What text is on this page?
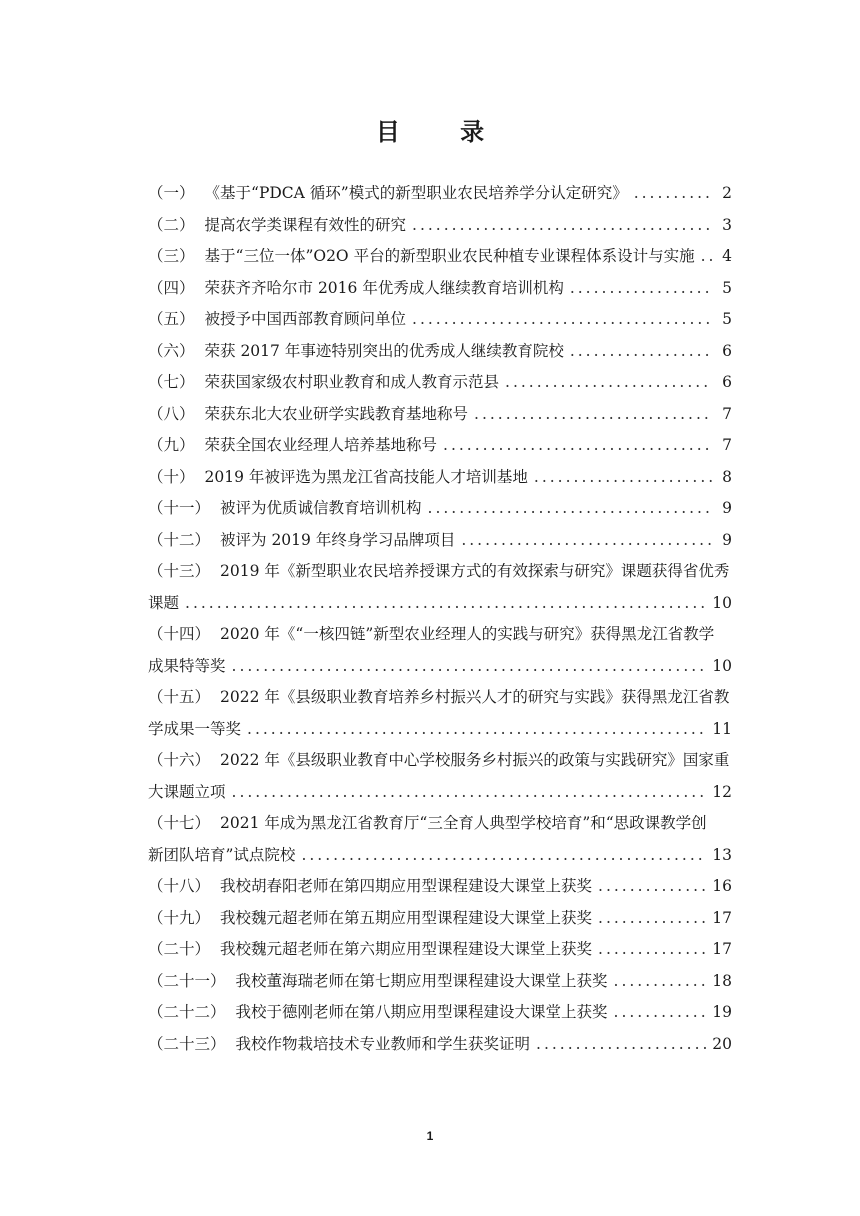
目 录
（一） 《基于“PDCA 循环”模式的新型职业农民培养学分认定研究》 .....	2
（二） 提高农学类课程有效性的研究 .....	3
（三） 基于“三位一体”O2O 平台的新型职业农民种植专业课程体系设计与实施 ..... 4
（四） 荣获齐齐哈尔市 2016 年优秀成人继续教育培训机构 .....	5
（五） 被授予中国西部教育顾问单位 .....	5
（六） 荣获 2017 年事迹特别突出的优秀成人继续教育院校 .....	6
（七） 荣获国家级农村职业教育和成人教育示范县 .....	6
（八） 荣获东北大农业研学实践教育基地称号 .....	7
（九） 荣获全国农业经理人培养基地称号 .....	7
（十） 2019 年被评选为黑龙江省高技能人才培训基地 .....	8
（十一） 被评为优质诚信教育培训机构 .....	9
（十二） 被评为 2019 年终身学习品牌项目 .....	9
（十三） 2019 年《新型职业农民培养授课方式的有效探索与研究》课题获得省优秀
课题 .....	10
（十四） 2020 年《“一核四链”新型农业经理人的实践与研究》获得黑龙江省教学
成果特等奖 .....	10
（十五） 2022 年《县级职业教育培养乡村振兴人才的研究与实践》获得黑龙江省教
学成果一等奖 .....	11
（十六） 2022 年《县级职业教育中心学校服务乡村振兴的政策与实践研究》国家重
大课题立项 .....	12
（十七） 2021 年成为黑龙江省教育厅“三全育人典型学校培育”和“思政课教学创
新团队培育”试点院校 .....	13
（十八） 我校胡春阳老师在第四期应用型课程建设大课堂上获奖 .....	16
（十九） 我校魏元超老师在第五期应用型课程建设大课堂上获奖 .....	17
（二十） 我校魏元超老师在第六期应用型课程建设大课堂上获奖 .....	17
（二十一） 我校董海瑞老师在第七期应用型课程建设大课堂上获奖 .....	18
（二十二） 我校于德刚老师在第八期应用型课程建设大课堂上获奖 .....	19
（二十三） 我校作物栽培技术专业教师和学生获奖证明 .....	20
1
